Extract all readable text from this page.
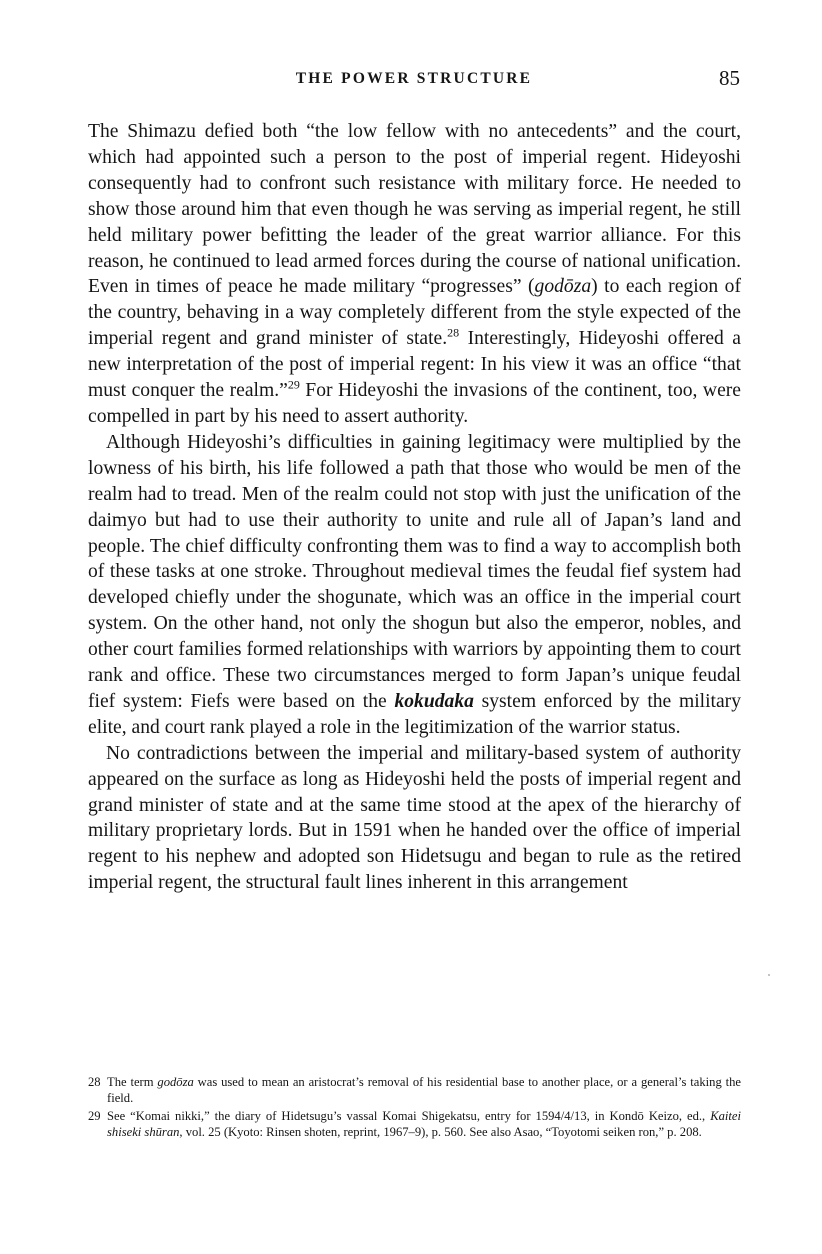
THE POWER STRUCTURE	85

The Shimazu defied both “the low fellow with no antecedents” and the court, which had appointed such a person to the post of imperial regent. Hideyoshi consequently had to confront such resistance with military force. He needed to show those around him that even though he was serving as imperial regent, he still held military power befitting the leader of the great warrior alliance. For this reason, he continued to lead armed forces during the course of national unification. Even in times of peace he made military “progresses” (godōza) to each region of the country, behaving in a way completely different from the style expected of the imperial regent and grand minister of state.$^{28}$ Interestingly, Hideyoshi offered a new interpretation of the post of imperial regent: In his view it was an office “that must conquer the realm.”$^{29}$ For Hideyoshi the invasions of the continent, too, were compelled in part by his need to assert authority.

Although Hideyoshi’s difficulties in gaining legitimacy were multiplied by the lowness of his birth, his life followed a path that those who would be men of the realm had to tread. Men of the realm could not stop with just the unification of the daimyo but had to use their authority to unite and rule all of Japan’s land and people. The chief difficulty confronting them was to find a way to accomplish both of these tasks at one stroke. Throughout medieval times the feudal fief system had developed chiefly under the shogunate, which was an office in the imperial court system. On the other hand, not only the shogun but also the emperor, nobles, and other court families formed relationships with warriors by appointing them to court rank and office. These two circumstances merged to form Japan’s unique feudal fief system: Fiefs were based on the kokudaka system enforced by the military elite, and court rank played a role in the legitimization of the warrior status.

No contradictions between the imperial and military-based system of authority appeared on the surface as long as Hideyoshi held the posts of imperial regent and grand minister of state and at the same time stood at the apex of the hierarchy of military proprietary lords. But in 1591 when he handed over the office of imperial regent to his nephew and adopted son Hidetsugu and began to rule as the retired imperial regent, the structural fault lines inherent in this arrangement

28 The term godōza was used to mean an aristocrat’s removal of his residential base to another place, or a general’s taking the field.
29 See “Komai nikki,” the diary of Hidetsugu’s vassal Komai Shigekatsu, entry for 1594/4/13, in Kondō Keizo, ed., Kaitei shiseki shūran, vol. 25 (Kyoto: Rinsen shoten, reprint, 1967–9), p. 560. See also Asao, “Toyotomi seiken ron,” p. 208.
